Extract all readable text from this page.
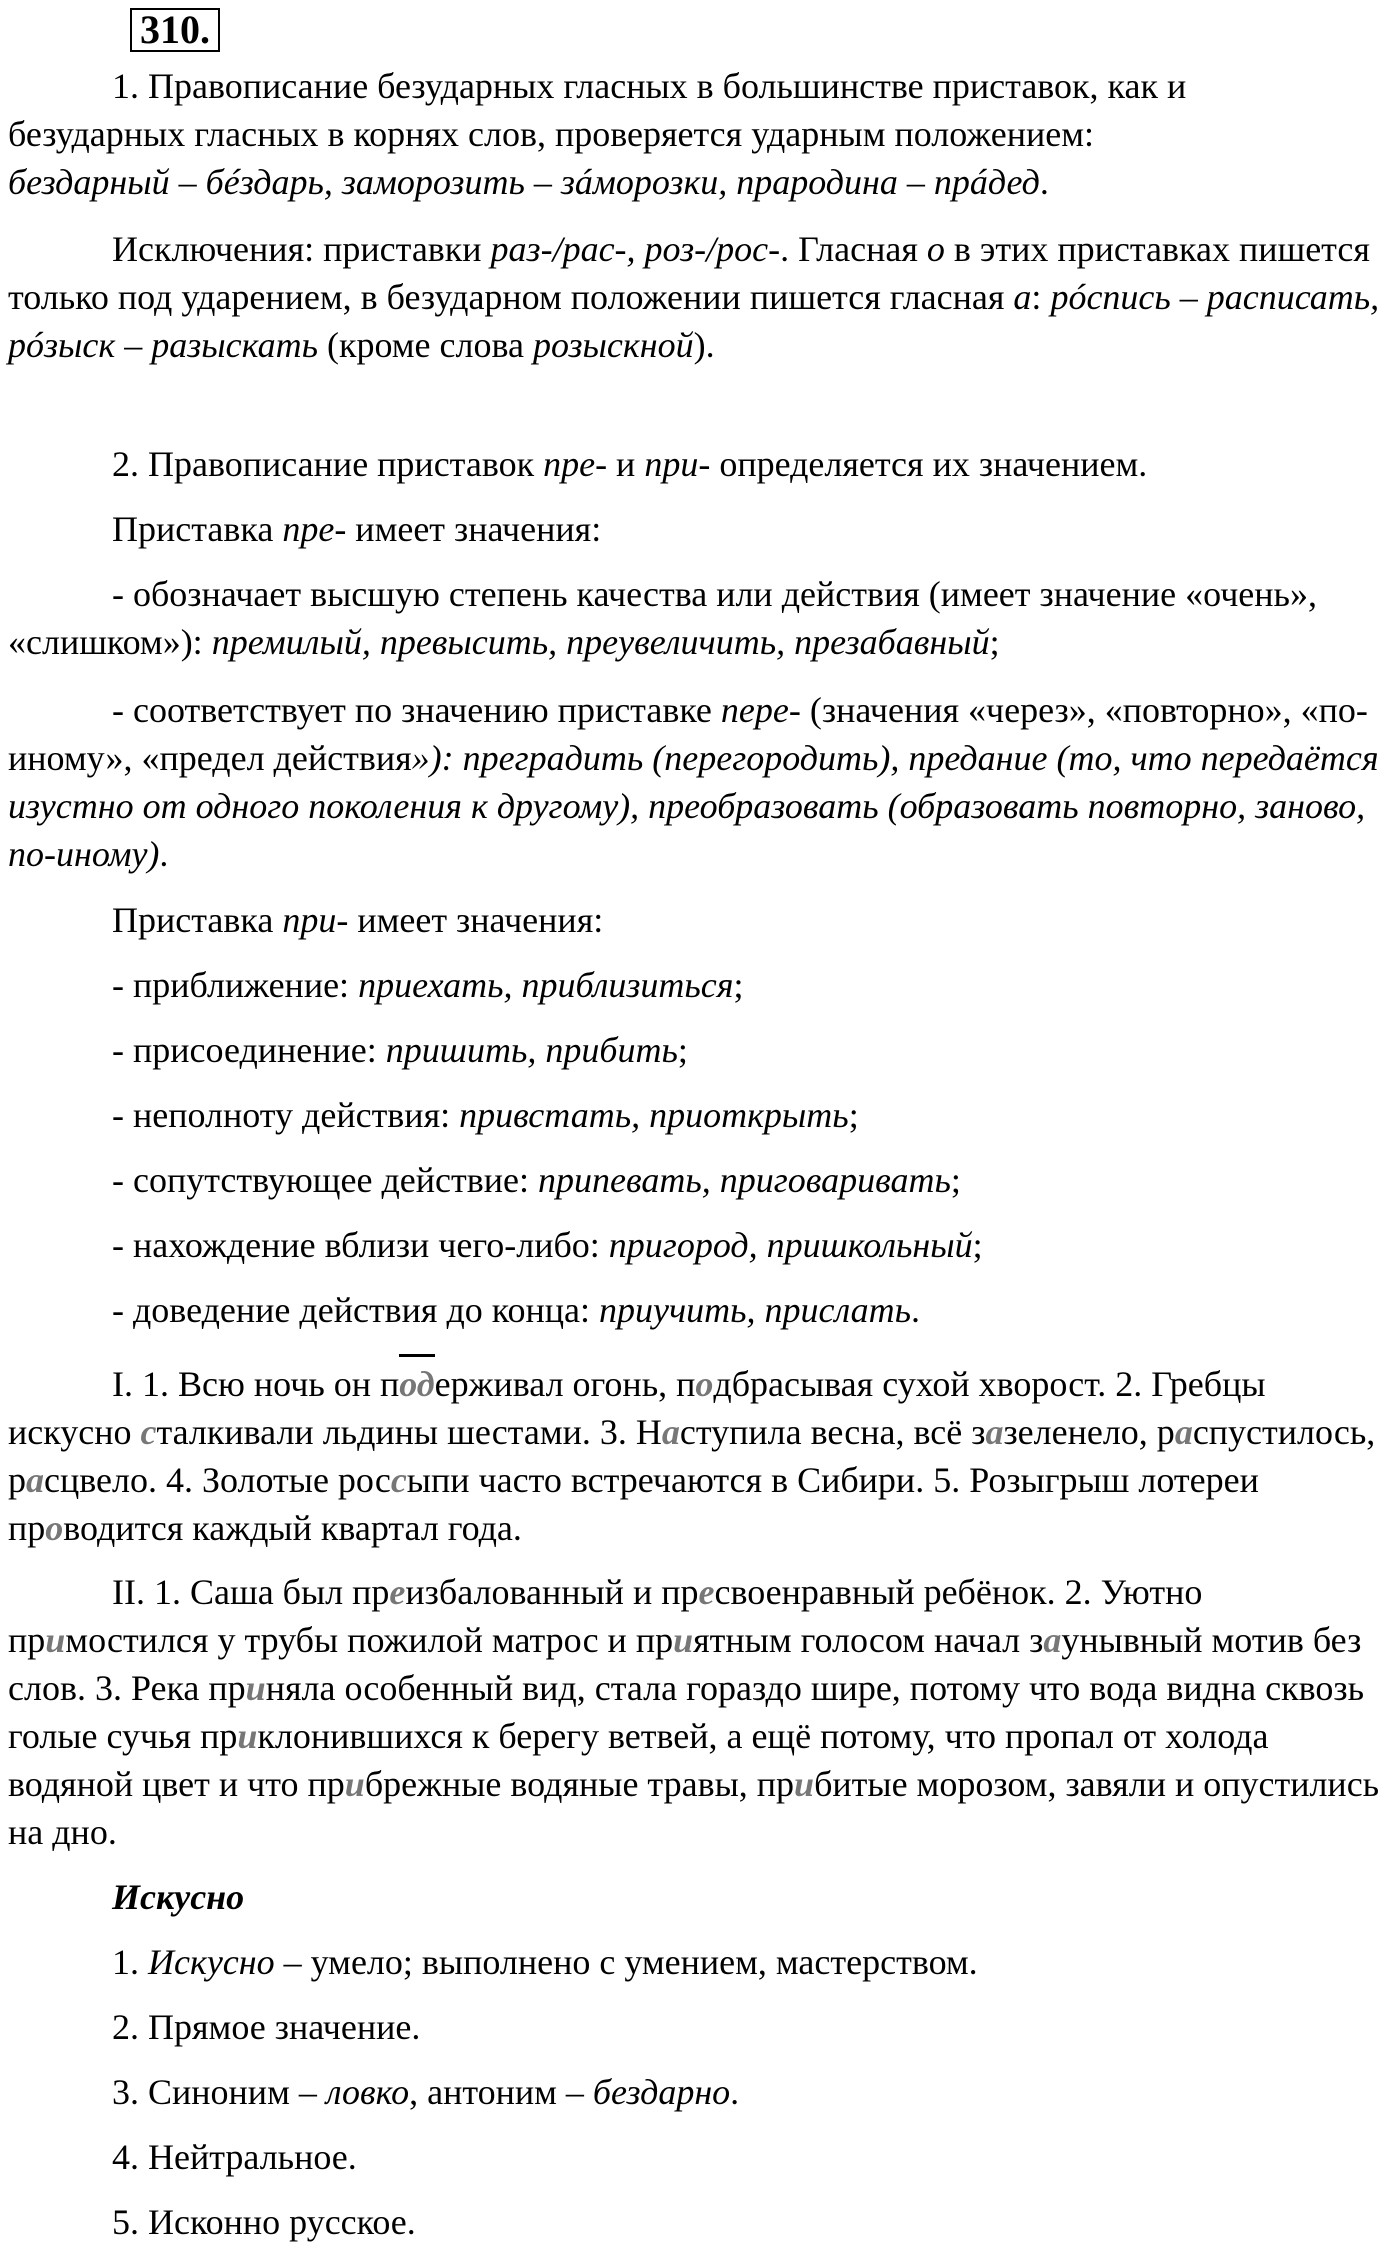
310.

1. Правописание безударных гласных в большинстве приставок, как и
безударных гласных в корнях слов, проверяется ударным положением:
бездарный – бéздарь, заморозить – зáморозки, прародина – прáдед.

Исключения: приставки раз-/рас-, роз-/рос-. Гласная о в этих приставках пишется только под ударением, в безударном положении пишется гласная а: рóспись – расписать, рóзыск – разыскать (кроме слова розыскной).

2. Правописание приставок пре- и при- определяется их значением.

Приставка пре- имеет значения:

- обозначает высшую степень качества или действия (имеет значение «очень», «слишком»): премилый, превысить, преувеличить, презабавный;

- соответствует по значению приставке пере- (значения «через», «повторно», «по-иному», «предел действия»): преградить (перегородить), предание (то, что передаётся изустно от одного поколения к другому), преобразовать (образовать повторно, заново, по-иному).

Приставка при- имеет значения:

- приближение: приехать, приблизиться;

- присоединение: пришить, прибить;

- неполноту действия: привстать, приоткрыть;

- сопутствующее действие: припевать, приговаривать;

- нахождение вблизи чего-либо: пригород, пришкольный;

- доведение действия до конца: приучить, прислать.

I. 1. Всю ночь он подерживал огонь, подбрасывая сухой хворост. 2. Гребцы искусно сталкивали льдины шестами. 3. Наступила весна, всё зазеленело, распустилось, расцвело. 4. Золотые россыпи часто встречаются в Сибири. 5. Розыгрыш лотереи проводится каждый квартал года.

II. 1. Саша был преизбалованный и пресвоенравный ребёнок. 2. Уютно примостился у трубы пожилой матрос и приятным голосом начал заунывный мотив без слов. 3. Река приняла особенный вид, стала гораздо шире, потому что вода видна сквозь голые сучья приклонившихся к берегу ветвей, а ещё потому, что пропал от холода водяной цвет и что прибрежные водяные травы, прибитые морозом, завяли и опустились на дно.

Искусно

1. Искусно – умело; выполнено с умением, мастерством.

2. Прямое значение.

3. Синоним – ловко, антоним – бездарно.

4. Нейтральное.

5. Исконно русское.
